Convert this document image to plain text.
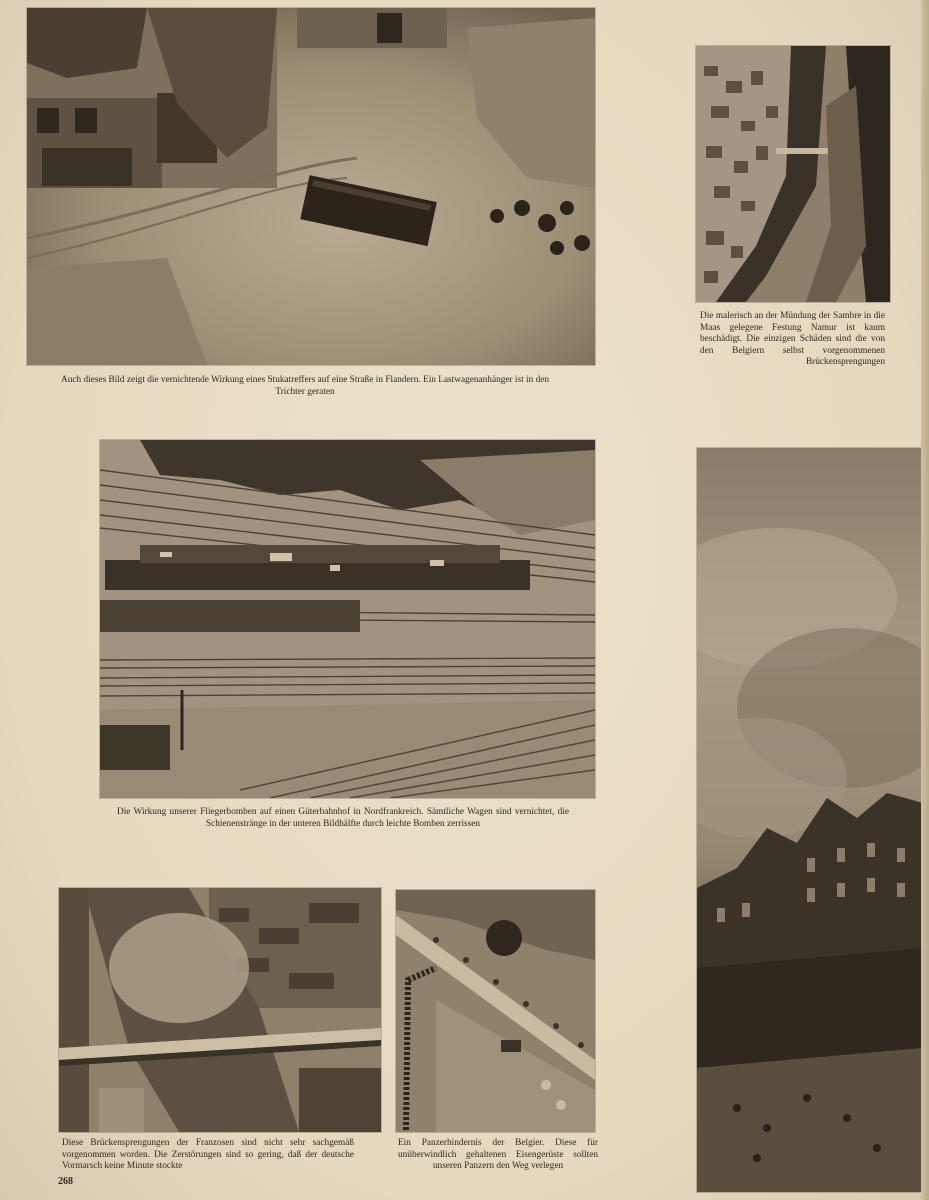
Auch dieses Bild zeigt die vernichtende Wirkung eines Stukatreffers auf eine Straße in Flandern. Ein Lastwagenanhänger ist in den Trichter geraten
Die malerisch an der Mündung der Sambre in die Maas gelegene Festung Namur ist kaum beschädigt. Die einzigen Schäden sind die von den Belgiern selbst vorgenommenen Brückensprengungen
Die Wirkung unserer Fliegerbomben auf einen Güterbahnhof in Nordfrankreich. Sämtliche Wagen sind vernichtet, die Schienenstränge in der unteren Bildhälfte durch leichte Bomben zerrissen
Diese Brückensprengungen der Franzosen sind nicht sehr sachgemäß vorgenommen worden. Die Zerstörungen sind so gering, daß der deutsche Vormarsch keine Minute stockte
Ein Panzerhindernis der Belgier. Diese für unüberwindlich gehaltenen Eisengerüste sollten unseren Panzern den Weg verlegen
268
